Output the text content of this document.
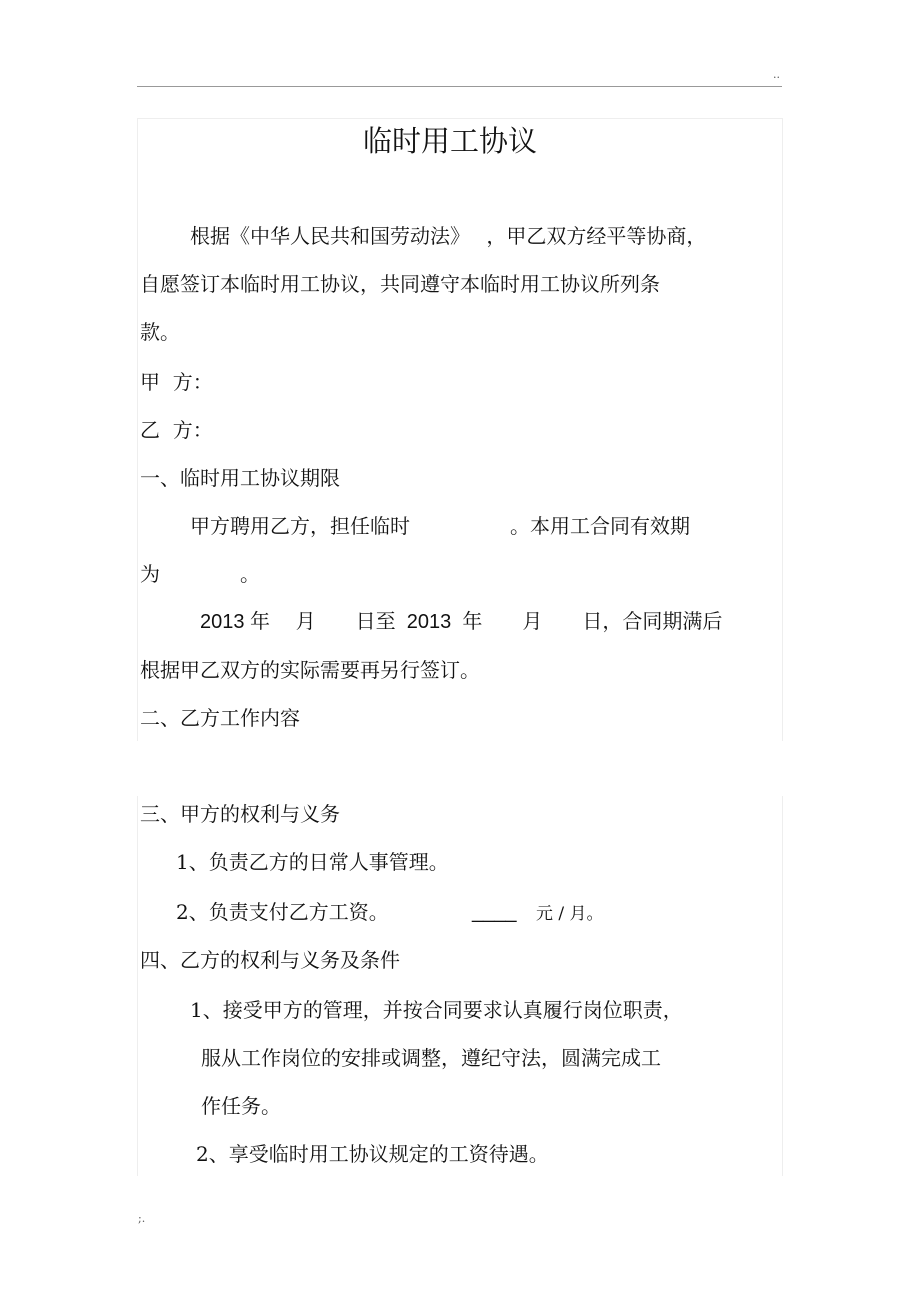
..
临时用工协议
根据《中华人民共和国劳动法》　 ，甲乙双方经平等协商，
自愿签订本临时用工协议，共同遵守本临时用工协议所列条
款。
甲  方：
乙  方：
一、临时用工协议期限
甲方聘用乙方，担任临时　　　　　。本用工合同有效期
为　　　　。
2013 年　 月　　日至  2013  年　　月　　日，合同期满后
根据甲乙双方的实际需要再另行签订。
二、乙方工作内容
三、甲方的权利与义务
1、负责乙方的日常人事管理。
2、负责支付乙方工资。	____ 元 / 月。
四、乙方的权利与义务及条件
1、接受甲方的管理，并按合同要求认真履行岗位职责，
服从工作岗位的安排或调整，遵纪守法，圆满完成工
作任务。
2、享受临时用工协议规定的工资待遇。
;.
